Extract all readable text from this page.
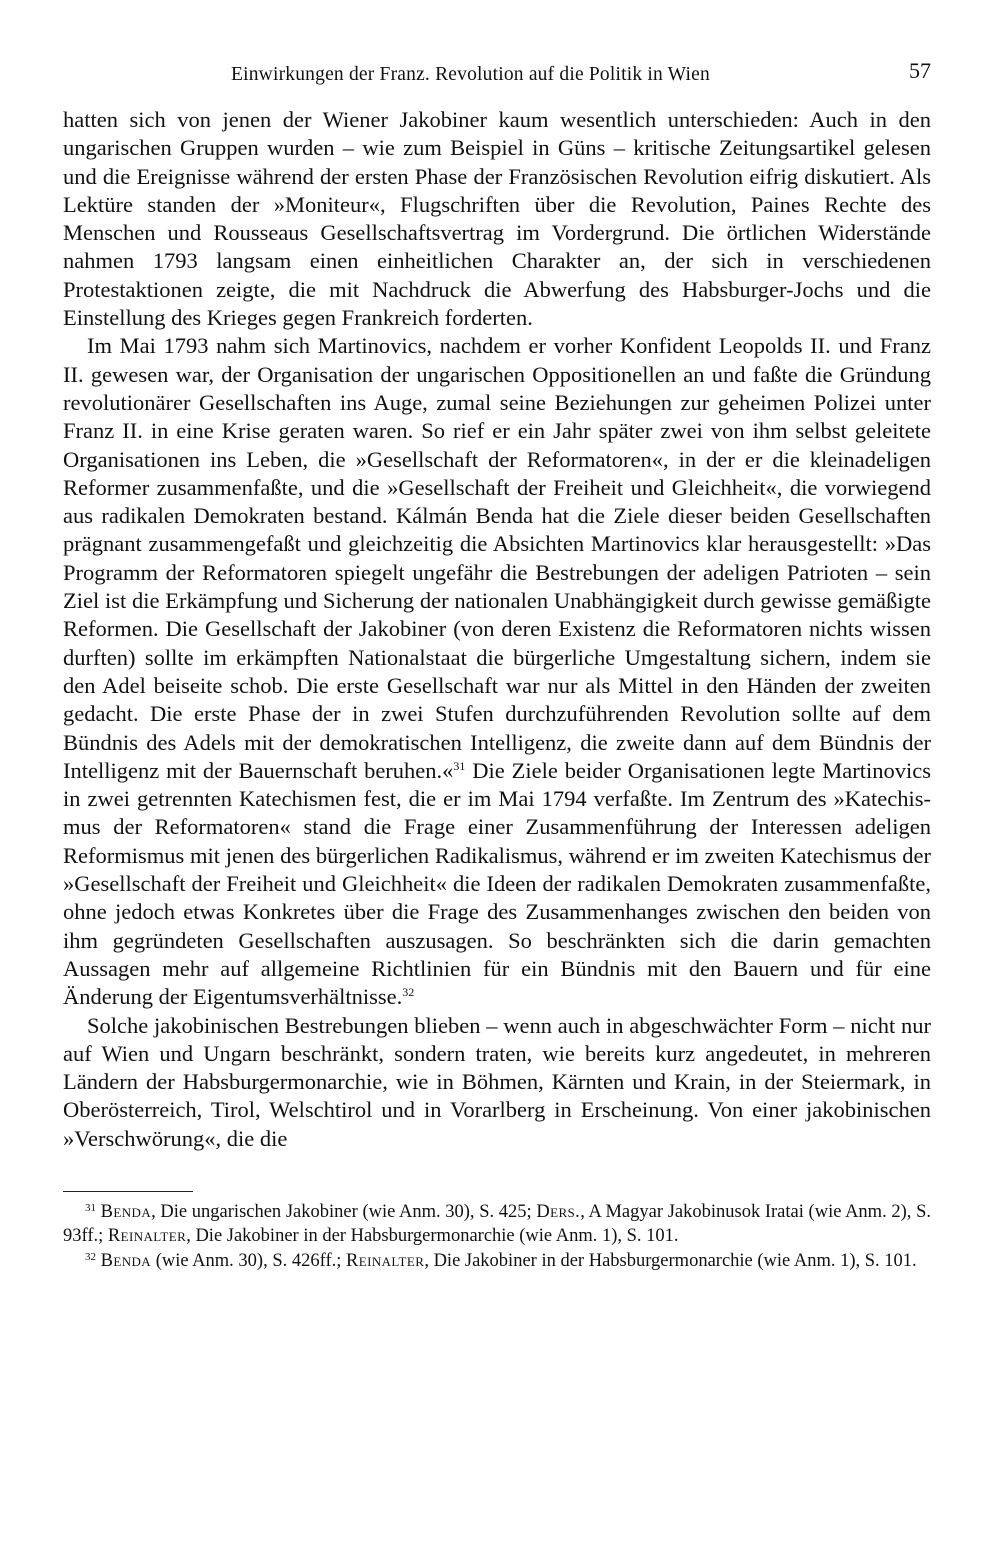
Einwirkungen der Franz. Revolution auf die Politik in Wien	57

hatten sich von jenen der Wiener Jakobiner kaum wesentlich unterschieden: Auch in den ungarischen Gruppen wurden – wie zum Beispiel in Güns – kritische Zeitungsartikel gelesen und die Ereignisse während der ersten Phase der Französischen Revolution eifrig diskutiert. Als Lektüre standen der »Moniteur«, Flugschriften über die Revolution, Paines Rechte des Menschen und Rousseaus Gesellschaftsvertrag im Vordergrund. Die örtlichen Widerstände nahmen 1793 langsam einen einheitlichen Charakter an, der sich in verschiedenen Protestaktionen zeigte, die mit Nachdruck die Abwerfung des Habsburger-Jochs und die Einstellung des Krieges gegen Frankreich forderten.

Im Mai 1793 nahm sich Martinovics, nachdem er vorher Konfident Leopolds II. und Franz II. gewesen war, der Organisation der ungarischen Oppositionellen an und faßte die Gründung revolutionärer Gesellschaften ins Auge, zumal seine Beziehungen zur geheimen Polizei unter Franz II. in eine Krise geraten waren. So rief er ein Jahr später zwei von ihm selbst geleitete Organisationen ins Leben, die »Gesellschaft der Reformatoren«, in der er die kleinadeligen Reformer zusammenfaßte, und die »Gesellschaft der Freiheit und Gleichheit«, die vorwiegend aus radikalen Demokraten bestand. Kálmán Benda hat die Ziele dieser beiden Gesellschaften prägnant zusammengefaßt und gleichzeitig die Absichten Martinovics klar herausgestellt: »Das Programm der Reformatoren spiegelt ungefähr die Bestrebungen der adeligen Patrioten – sein Ziel ist die Erkämpfung und Sicherung der nationalen Unabhängigkeit durch gewisse gemäßigte Reformen. Die Gesellschaft der Jakobiner (von deren Existenz die Reformatoren nichts wissen durften) sollte im erkämpften Nationalstaat die bürgerliche Umgestaltung sichern, indem sie den Adel beiseite schob. Die erste Gesellschaft war nur als Mittel in den Händen der zweiten gedacht. Die erste Phase der in zwei Stufen durchzuführenden Revolution sollte auf dem Bündnis des Adels mit der demokratischen Intelligenz, die zweite dann auf dem Bündnis der Intelligenz mit der Bauernschaft beruhen.«$^{31}$ Die Ziele beider Organisationen legte Martinovics in zwei getrennten Katechismen fest, die er im Mai 1794 verfaßte. Im Zentrum des »Katechismus der Reformatoren« stand die Frage einer Zusammenführung der Interessen adeligen Reformismus mit jenen des bürgerlichen Radikalismus, während er im zweiten Katechismus der »Gesellschaft der Freiheit und Gleichheit« die Ideen der radikalen Demokraten zusammenfaßte, ohne jedoch etwas Konkretes über die Frage des Zusammenhanges zwischen den beiden von ihm gegründeten Gesellschaften auszusagen. So beschränkten sich die darin gemachten Aussagen mehr auf allgemeine Richtlinien für ein Bündnis mit den Bauern und für eine Änderung der Eigentumsverhältnisse.$^{32}$

Solche jakobinischen Bestrebungen blieben – wenn auch in abgeschwächter Form – nicht nur auf Wien und Ungarn beschränkt, sondern traten, wie bereits kurz angedeutet, in mehreren Ländern der Habsburgermonarchie, wie in Böhmen, Kärnten und Krain, in der Steiermark, in Oberösterreich, Tirol, Welschtirol und in Vorarlberg in Erscheinung. Von einer jakobinischen »Verschwörung«, die die

$^{31}$ Benda, Die ungarischen Jakobiner (wie Anm. 30), S. 425; Ders., A Magyar Jakobinusok Iratai (wie Anm. 2), S. 93ff.; Reinalter, Die Jakobiner in der Habsburgermonarchie (wie Anm. 1), S. 101.

$^{32}$ Benda (wie Anm. 30), S. 426ff.; Reinalter, Die Jakobiner in der Habsburgermonarchie (wie Anm. 1), S. 101.
